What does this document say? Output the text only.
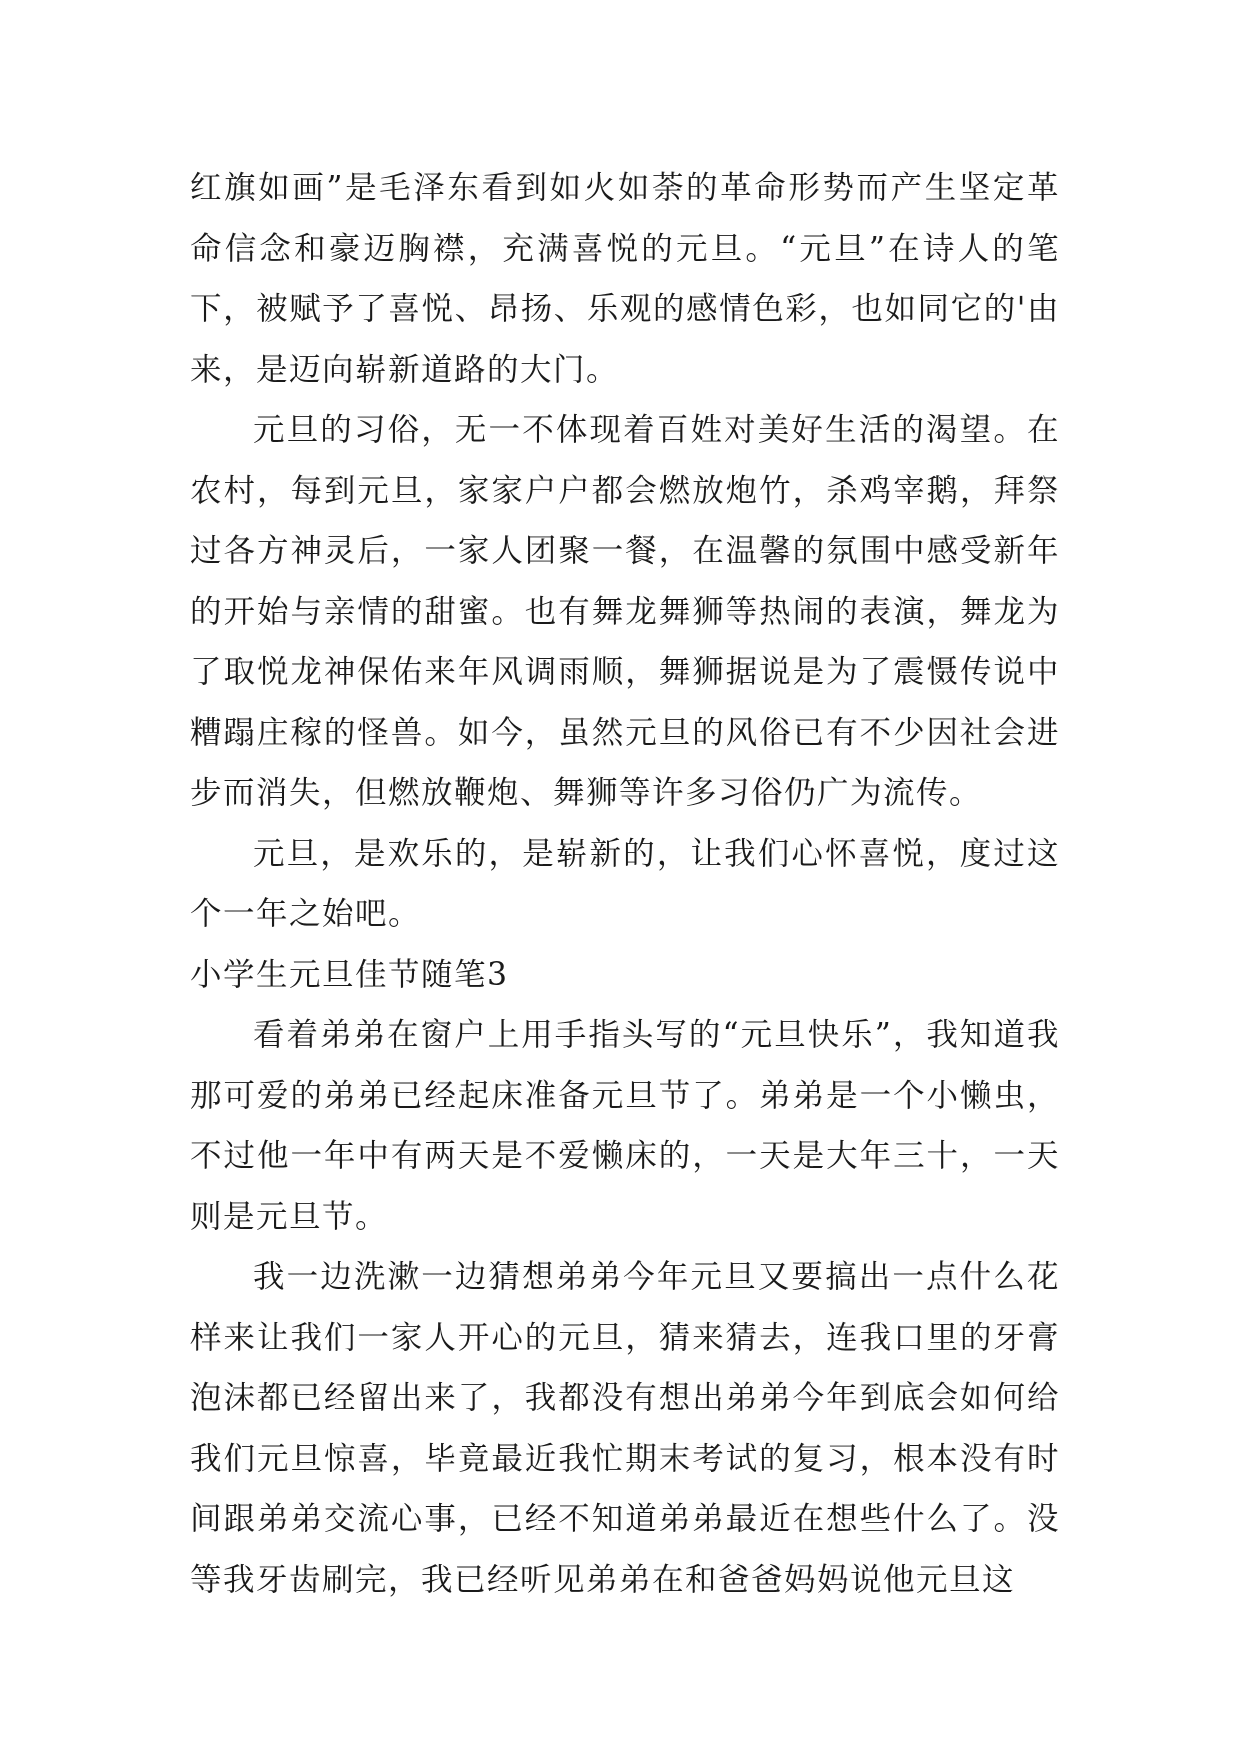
红旗如画”是毛泽东看到如火如荼的革命形势而产生坚定革命信念和豪迈胸襟，充满喜悦的元旦。“元旦”在诗人的笔下，被赋予了喜悦、昂扬、乐观的感情色彩，也如同它的'由来，是迈向崭新道路的大门。

元旦的习俗，无一不体现着百姓对美好生活的渴望。在农村，每到元旦，家家户户都会燃放炮竹，杀鸡宰鹅，拜祭过各方神灵后，一家人团聚一餐，在温馨的氛围中感受新年的开始与亲情的甜蜜。也有舞龙舞狮等热闹的表演，舞龙为了取悦龙神保佑来年风调雨顺，舞狮据说是为了震慑传说中糟蹋庄稼的怪兽。如今，虽然元旦的风俗已有不少因社会进步而消失，但燃放鞭炮、舞狮等许多习俗仍广为流传。

元旦，是欢乐的，是崭新的，让我们心怀喜悦，度过这个一年之始吧。

小学生元旦佳节随笔3

看着弟弟在窗户上用手指头写的“元旦快乐”，我知道我那可爱的弟弟已经起床准备元旦节了。弟弟是一个小懒虫，不过他一年中有两天是不爱懒床的，一天是大年三十，一天则是元旦节。

我一边洗漱一边猜想弟弟今年元旦又要搞出一点什么花样来让我们一家人开心的元旦，猜来猜去，连我口里的牙膏泡沫都已经留出来了，我都没有想出弟弟今年到底会如何给我们元旦惊喜，毕竟最近我忙期末考试的复习，根本没有时间跟弟弟交流心事，已经不知道弟弟最近在想些什么了。没等我牙齿刷完，我已经听见弟弟在和爸爸妈妈说他元旦这
